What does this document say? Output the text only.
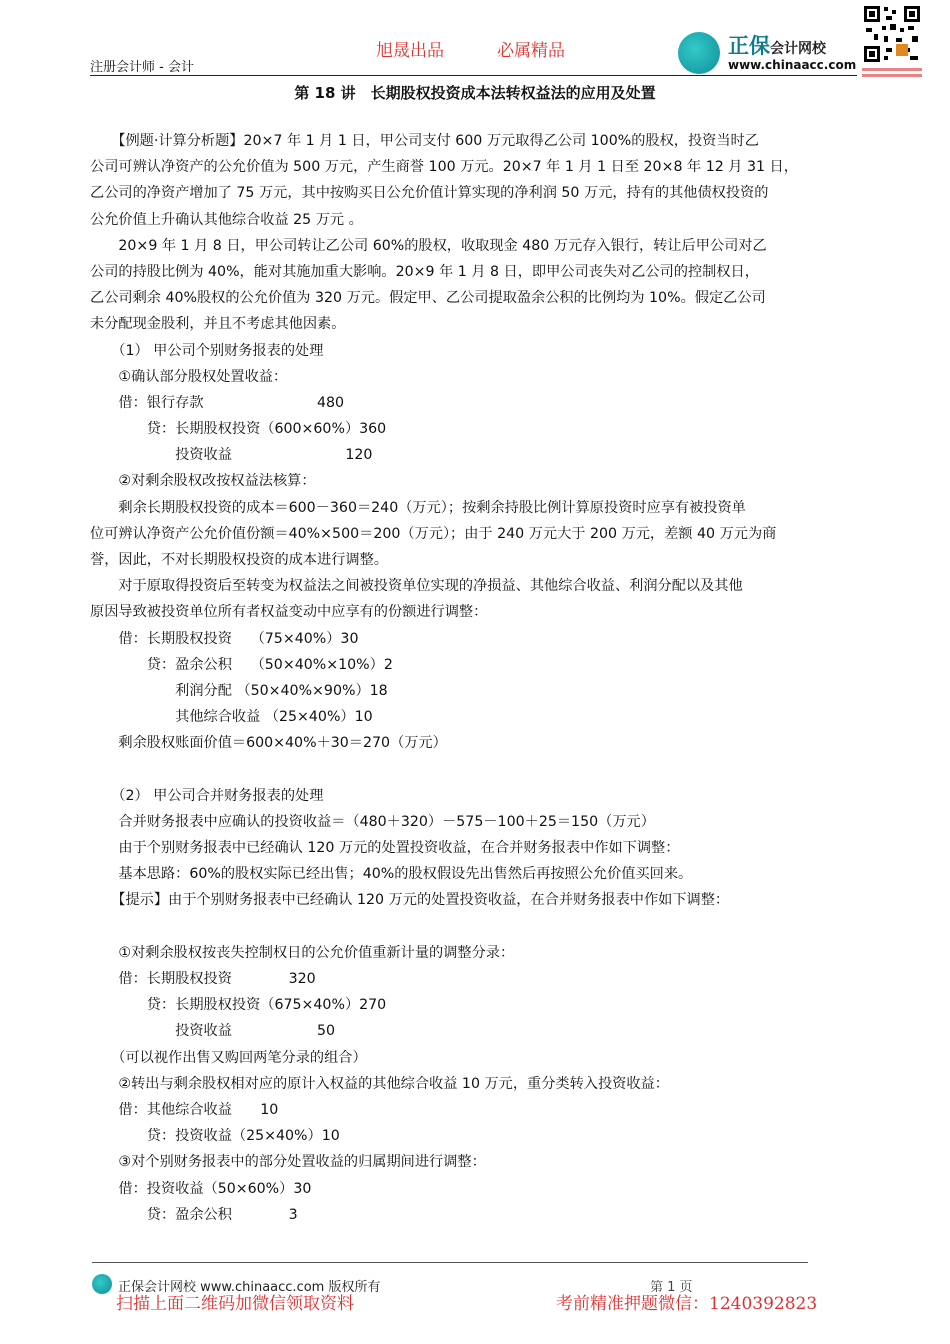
旭晟出品	必属精品
注册会计师 - 会计
正保会计网校
www.chinaacc.com
第 18 讲　长期股权投资成本法转权益法的应用及处置
　　【例题·计算分析题】20×7 年 1 月 1 日，甲公司支付 600 万元取得乙公司 100%的股权，投资当时乙
公司可辨认净资产的公允价值为 500 万元，产生商誉 100 万元。20×7 年 1 月 1 日至 20×8 年 12 月 31 日，
乙公司的净资产增加了 75 万元，其中按购买日公允价值计算实现的净利润 50 万元，持有的其他债权投资的
公允价值上升确认其他综合收益 25 万元 。
　　20×9 年 1 月 8 日，甲公司转让乙公司 60%的股权，收取现金 480 万元存入银行，转让后甲公司对乙
公司的持股比例为 40%，能对其施加重大影响。20×9 年 1 月 8 日，即甲公司丧失对乙公司的控制权日，
乙公司剩余 40%股权的公允价值为 320 万元。假定甲、乙公司提取盈余公积的比例均为 10%。假定乙公司
未分配现金股利，并且不考虑其他因素。
　　（1） 甲公司个别财务报表的处理
　　①确认部分股权处置收益：
　　借：银行存款　　　　　　　　480
　　　　贷：长期股权投资（600×60%）360
　　　　　　投资收益　　　　　　　　120
　　②对剩余股权改按权益法核算：
　　剩余长期股权投资的成本＝600－360＝240（万元）；按剩余持股比例计算原投资时应享有被投资单
位可辨认净资产公允价值份额＝40%×500＝200（万元）；由于 240 万元大于 200 万元，差额 40 万元为商
誉，因此，不对长期股权投资的成本进行调整。
　　对于原取得投资后至转变为权益法之间被投资单位实现的净损益、其他综合收益、利润分配以及其他
原因导致被投资单位所有者权益变动中应享有的份额进行调整：
　　借：长期股权投资　 （75×40%）30
　　　　贷：盈余公积　 （50×40%×10%）2
　　　　　　利润分配 （50×40%×90%）18
　　　　　　其他综合收益 （25×40%）10
　　剩余股权账面价值＝600×40%＋30＝270（万元）
　　（2） 甲公司合并财务报表的处理
　　合并财务报表中应确认的投资收益＝（480＋320）－575－100＋25＝150（万元）
　　由于个别财务报表中已经确认 120 万元的处置投资收益，在合并财务报表中作如下调整：
　　基本思路：60%的股权实际已经出售；40%的股权假设先出售然后再按照公允价值买回来。
　　【提示】由于个别财务报表中已经确认 120 万元的处置投资收益，在合并财务报表中作如下调整：
　　①对剩余股权按丧失控制权日的公允价值重新计量的调整分录：
　　借：长期股权投资　　　　320
　　　　贷：长期股权投资（675×40%）270
　　　　　　投资收益　　　　　　50
　　（可以视作出售又购回两笔分录的组合）
　　②转出与剩余股权相对应的原计入权益的其他综合收益 10 万元，重分类转入投资收益：
　　借：其他综合收益　　10
　　　　贷：投资收益（25×40%）10
　　③对个别财务报表中的部分处置收益的归属期间进行调整：
　　借：投资收益（50×60%）30
　　　　贷：盈余公积　　　　3
正保会计网校 www.chinaacc.com 版权所有	第 1 页
扫描上面二维码加微信领取资料	考前精准押题微信：1240392823
